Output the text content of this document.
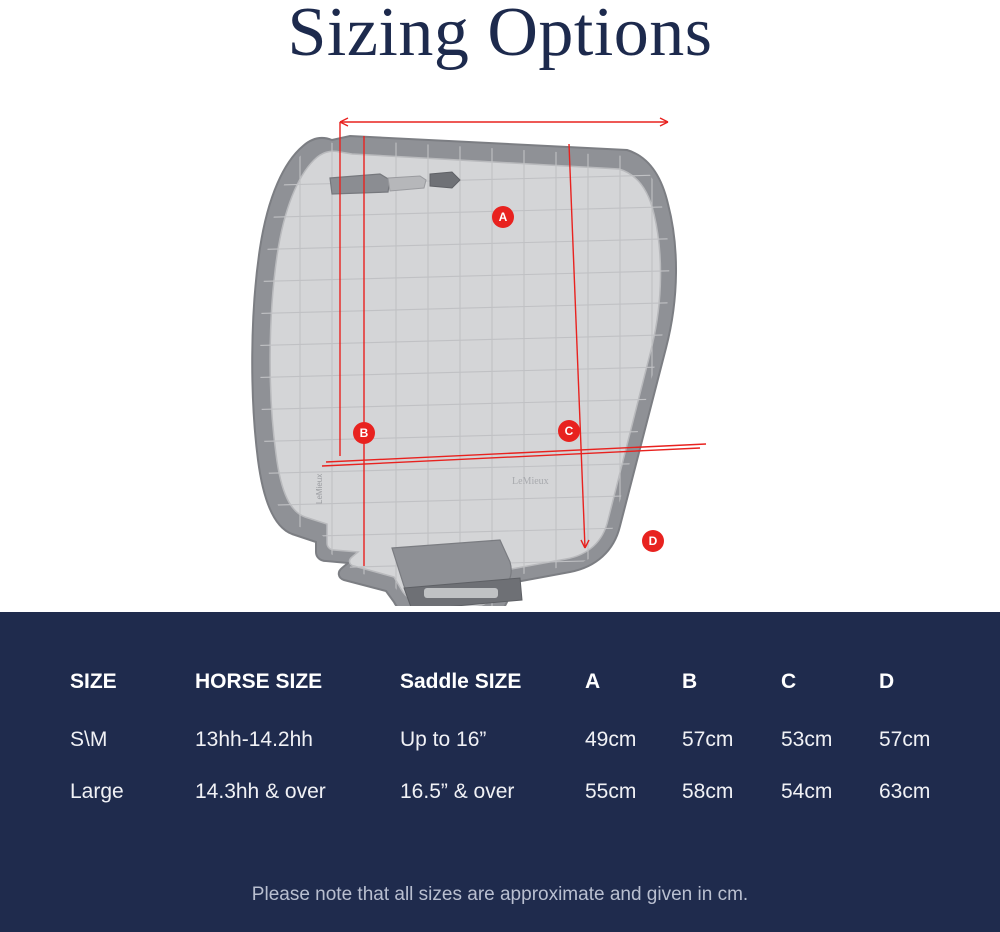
Sizing Options
LeMieux	LeMieux
A
B	C
D
SIZE	HORSE SIZE	Saddle SIZE	A	B	C	D
S\M	13hh-14.2hh	Up to 16”	49cm	57cm	53cm	57cm
Large	14.3hh & over	16.5” & over	55cm	58cm	54cm	63cm
Please note that all sizes are approximate and given in cm.
